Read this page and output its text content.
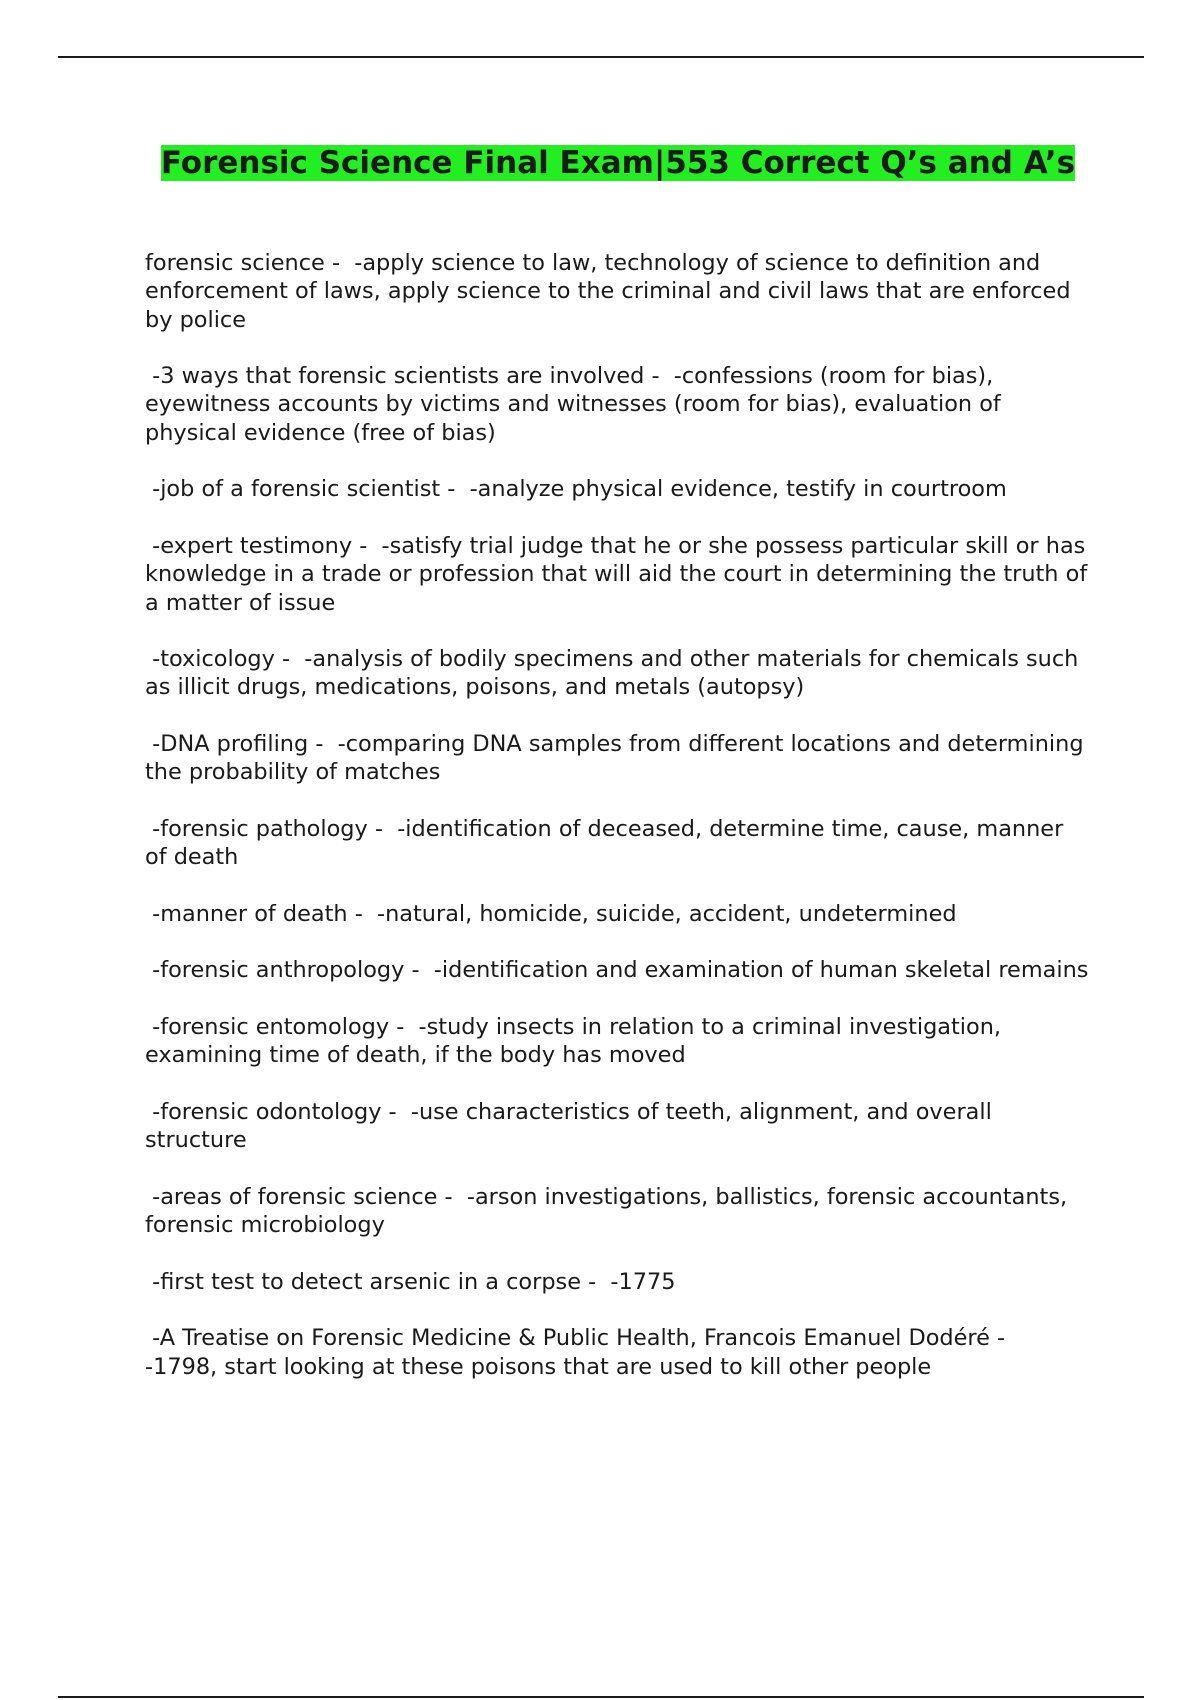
Forensic Science Final Exam|553 Correct Q’s and A’s
forensic science -  -apply science to law, technology of science to definition and enforcement of laws, apply science to the criminal and civil laws that are enforced by police
-3 ways that forensic scientists are involved -  -confessions (room for bias), eyewitness accounts by victims and witnesses (room for bias), evaluation of physical evidence (free of bias)
-job of a forensic scientist -  -analyze physical evidence, testify in courtroom
-expert testimony -  -satisfy trial judge that he or she possess particular skill or has knowledge in a trade or profession that will aid the court in determining the truth of a matter of issue
-toxicology -  -analysis of bodily specimens and other materials for chemicals such as illicit drugs, medications, poisons, and metals (autopsy)
-DNA profiling -  -comparing DNA samples from different locations and determining the probability of matches
-forensic pathology -  -identification of deceased, determine time, cause, manner of death
-manner of death -  -natural, homicide, suicide, accident, undetermined
-forensic anthropology -  -identification and examination of human skeletal remains
-forensic entomology -  -study insects in relation to a criminal investigation, examining time of death, if the body has moved
-forensic odontology -  -use characteristics of teeth, alignment, and overall structure
-areas of forensic science -  -arson investigations, ballistics, forensic accountants, forensic microbiology
-first test to detect arsenic in a corpse -  -1775
-A Treatise on Forensic Medicine & Public Health, Francois Emanuel Dodéré -  -1798, start looking at these poisons that are used to kill other people
